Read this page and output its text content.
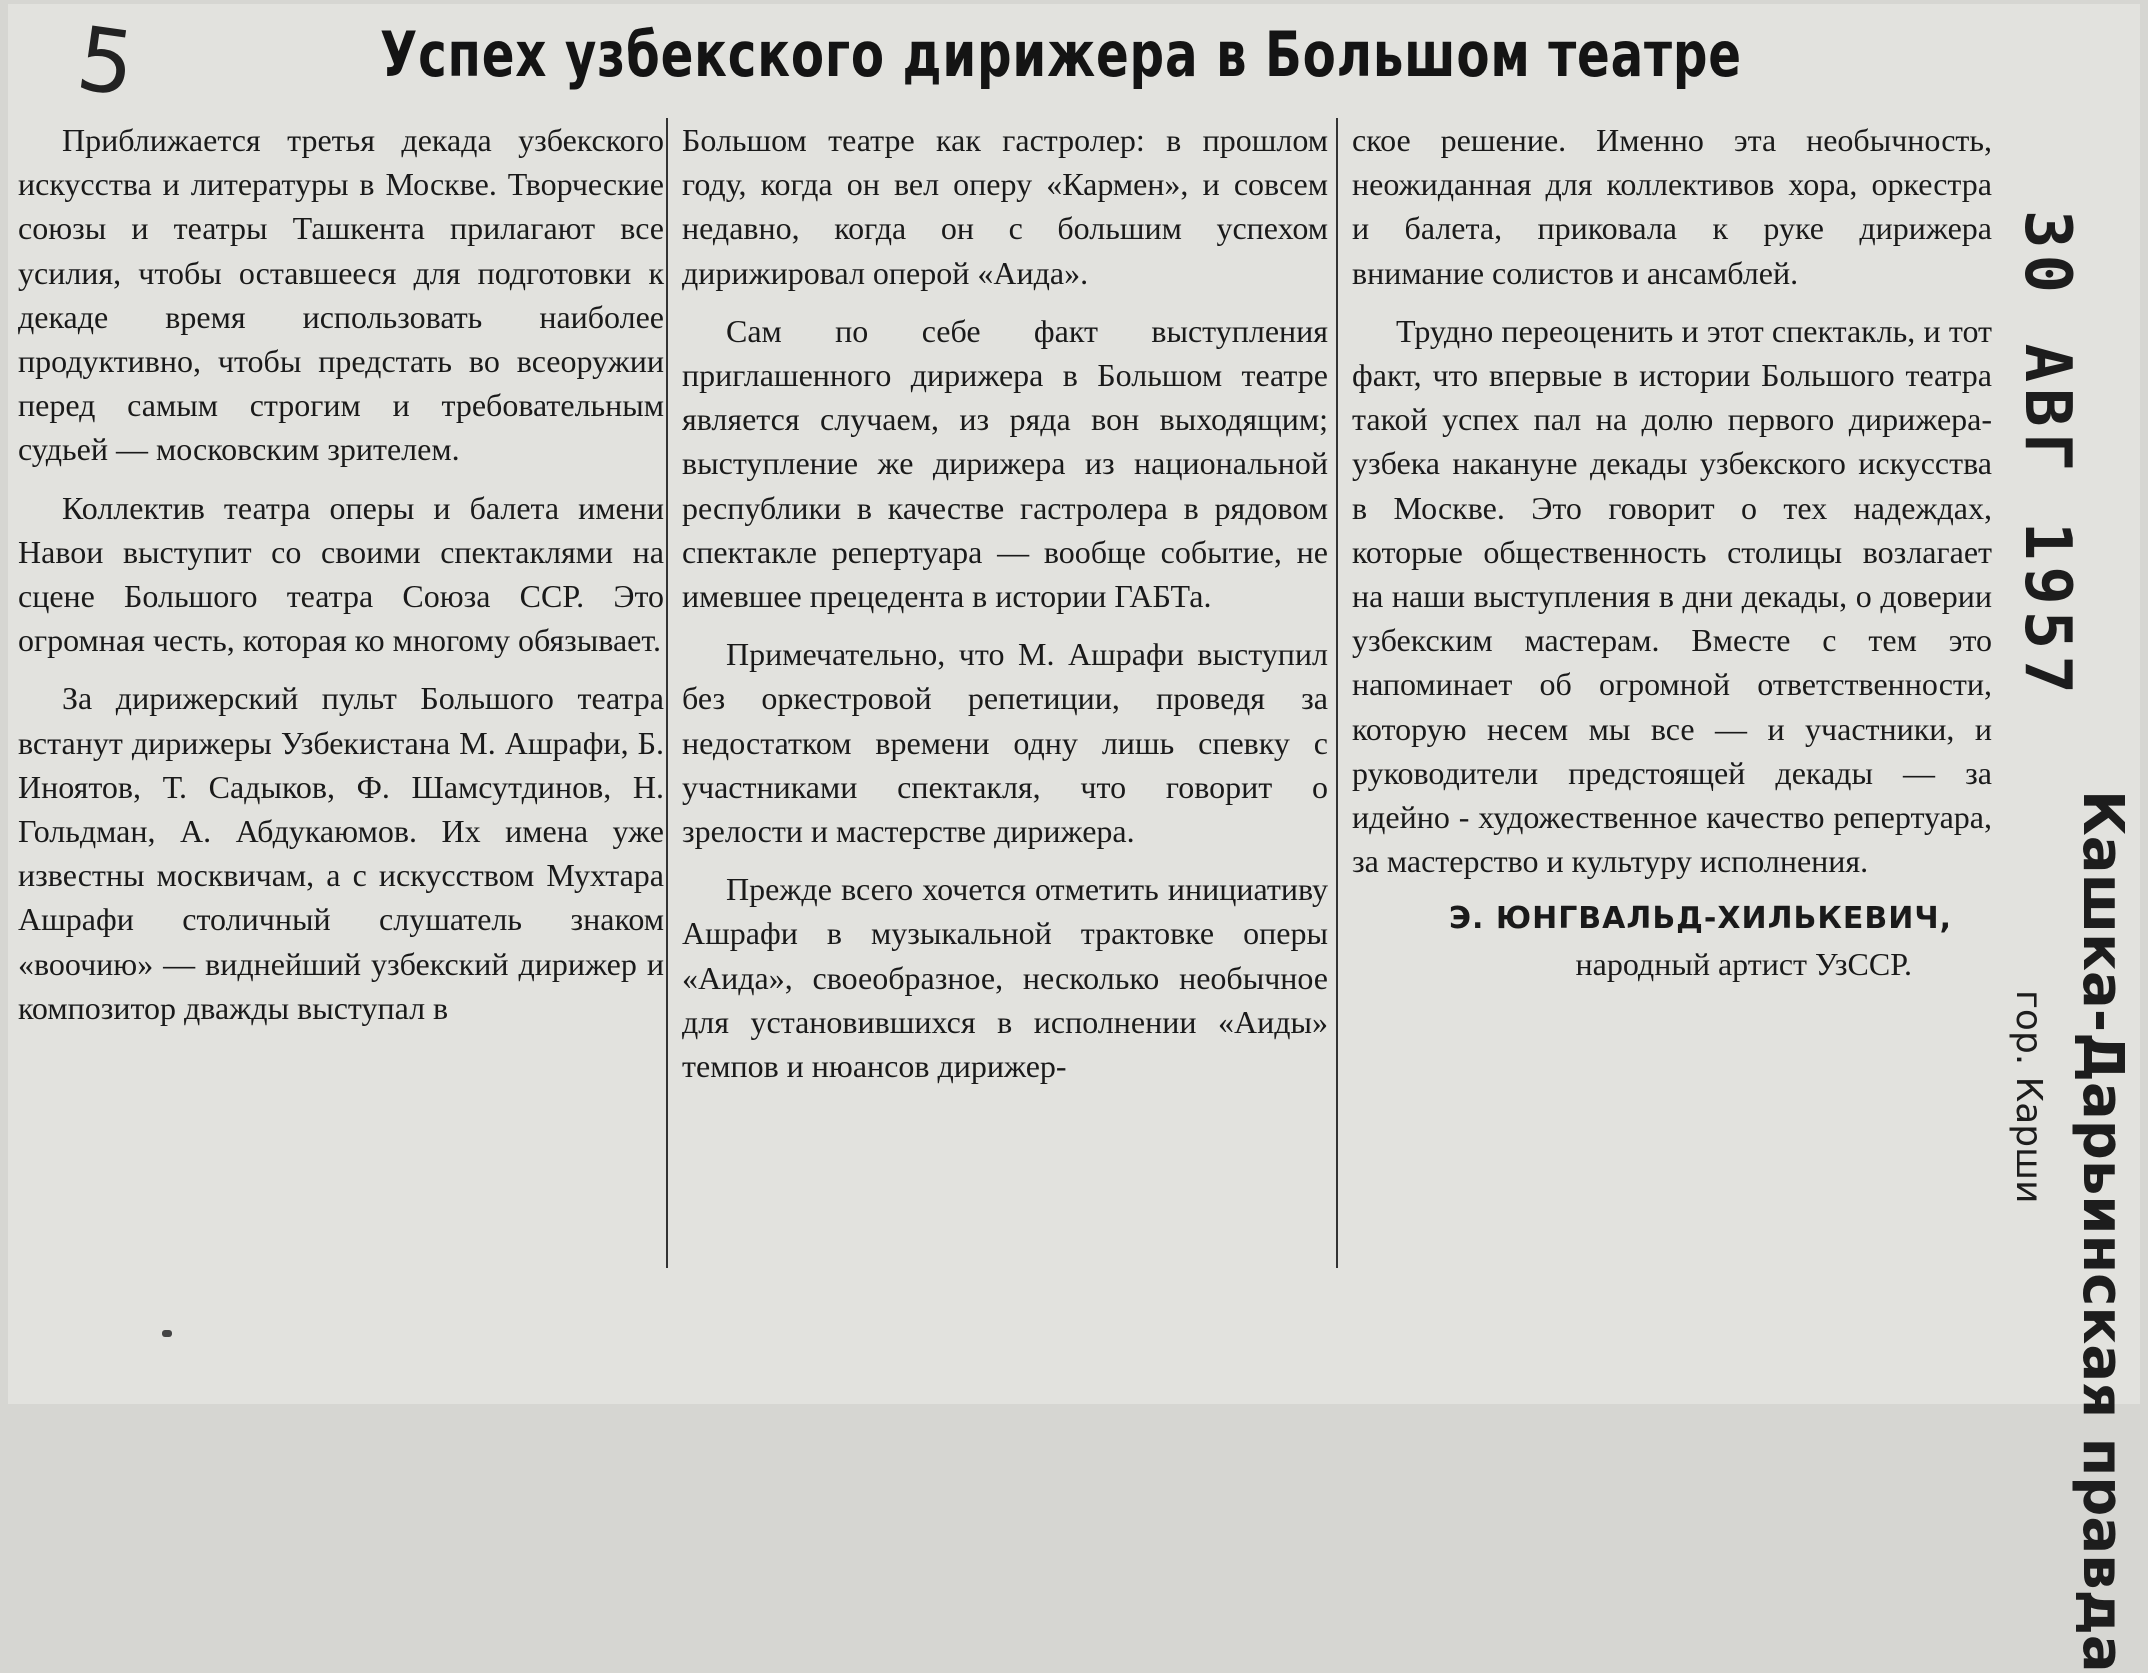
5	Успех узбекского дирижера в Большом театре

Приближается третья декада узбекского искусства и литературы в Москве. Творческие союзы и театры Ташкента прилагают все усилия, чтобы оставшееся для подготовки к декаде время использовать наиболее продуктивно, чтобы предстать во всеоружии перед самым строгим и требовательным судьей — московским зрителем.

Коллектив театра оперы и балета имени Навои выступит со своими спектаклями на сцене Большого театра Союза ССР. Это огромная честь, которая ко многому обязывает.

За дирижерский пульт Большого театра встанут дирижеры Узбекистана М. Ашрафи, Б. Иноятов, Т. Садыков, Ф. Шамсутдинов, Н. Гольдман, А. Абдукаюмов. Их имена уже известны москвичам, а с искусством Мухтара Ашрафи столичный слушатель знаком «воочию» — виднейший узбекский дирижер и композитор дважды выступал в

Большом театре как гастролер: в прошлом году, когда он вел оперу «Кармен», и совсем недавно, когда он с большим успехом дирижировал оперой «Аида».

Сам по себе факт выступления приглашенного дирижера в Большом театре является случаем, из ряда вон выходящим; выступление же дирижера из национальной республики в качестве гастролера в рядовом спектакле репертуара — вообще событие, не имевшее прецедента в истории ГАБТа.

Примечательно, что М. Ашрафи выступил без оркестровой репетиции, проведя за недостатком времени одну лишь спевку с участниками спектакля, что говорит о зрелости и мастерстве дирижера.

Прежде всего хочется отметить инициативу Ашрафи в музыкальной трактовке оперы «Аида», своеобразное, несколько необычное для установившихся в исполнении «Аиды» темпов и нюансов дирижер-

ское решение. Именно эта необычность, неожиданная для коллективов хора, оркестра и балета, приковала к руке дирижера внимание солистов и ансамблей.

Трудно переоценить и этот спектакль, и тот факт, что впервые в истории Большого театра такой успех пал на долю первого дирижера-узбека накануне декады узбекского искусства в Москве. Это говорит о тех надеждах, которые общественность столицы возлагает на наши выступления в дни декады, о доверии узбекским мастерам. Вместе с тем это напоминает об огромной ответственности, которую несем мы все — и участники, и руководители предстоящей декады — за идейно - художественное качество репертуара, за мастерство и культуру исполнения.

Э. ЮНГВАЛЬД-ХИЛЬКЕВИЧ,
народный артист УзССР.
30 АВГ 1957
гор. Карши Кашка-Дарьинская правда
